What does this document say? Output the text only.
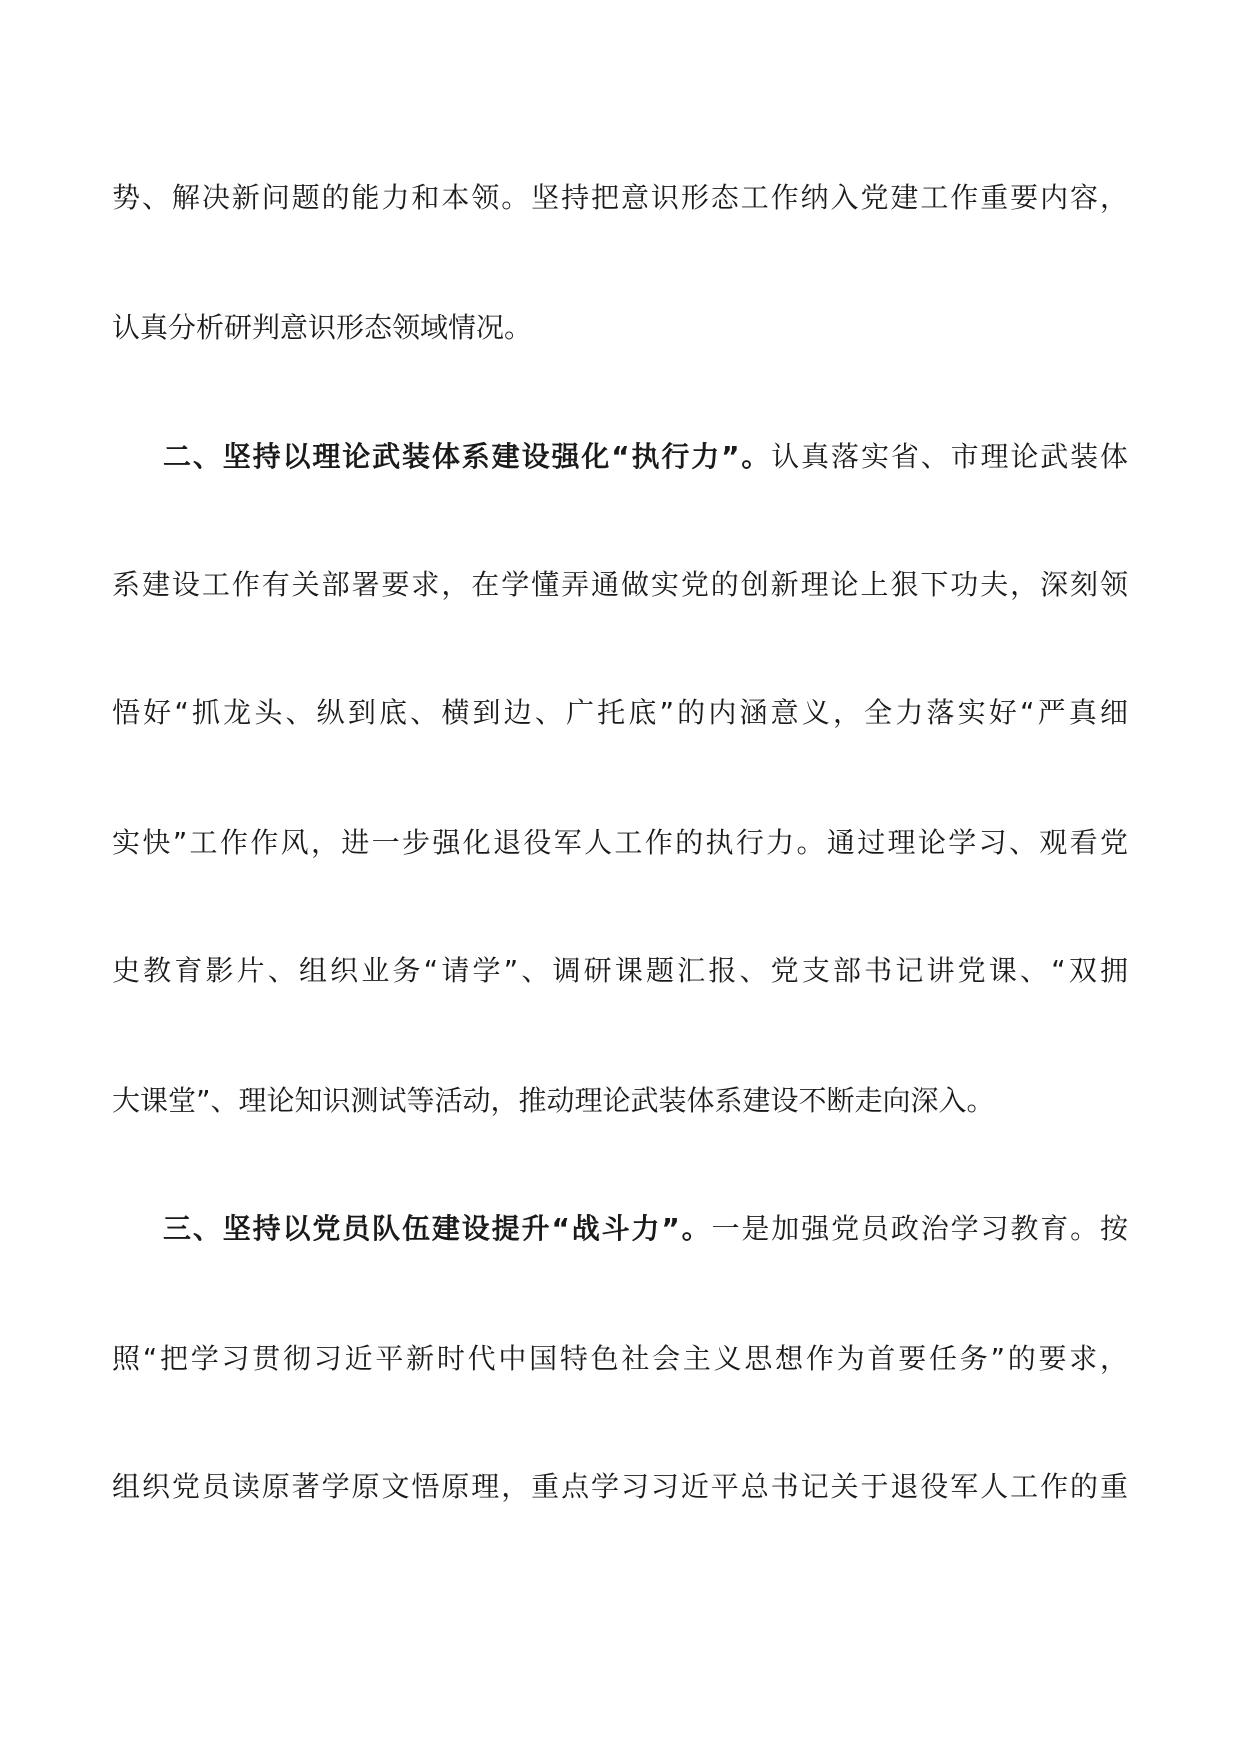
势、解决新问题的能力和本领。坚持把意识形态工作纳入党建工作重要内容，

认真分析研判意识形态领域情况。

二、坚持以理论武装体系建设强化“执行力”。认真落实省、市理论武装体

系建设工作有关部署要求，在学懂弄通做实党的创新理论上狠下功夫，深刻领

悟好“抓龙头、纵到底、横到边、广托底”的内涵意义，全力落实好“严真细

实快”工作作风，进一步强化退役军人工作的执行力。通过理论学习、观看党

史教育影片、组织业务“请学”、调研课题汇报、党支部书记讲党课、“双拥

大课堂”、理论知识测试等活动，推动理论武装体系建设不断走向深入。

三、坚持以党员队伍建设提升“战斗力”。一是加强党员政治学习教育。按

照“把学习贯彻习近平新时代中国特色社会主义思想作为首要任务”的要求，

组织党员读原著学原文悟原理，重点学习习近平总书记关于退役军人工作的重
